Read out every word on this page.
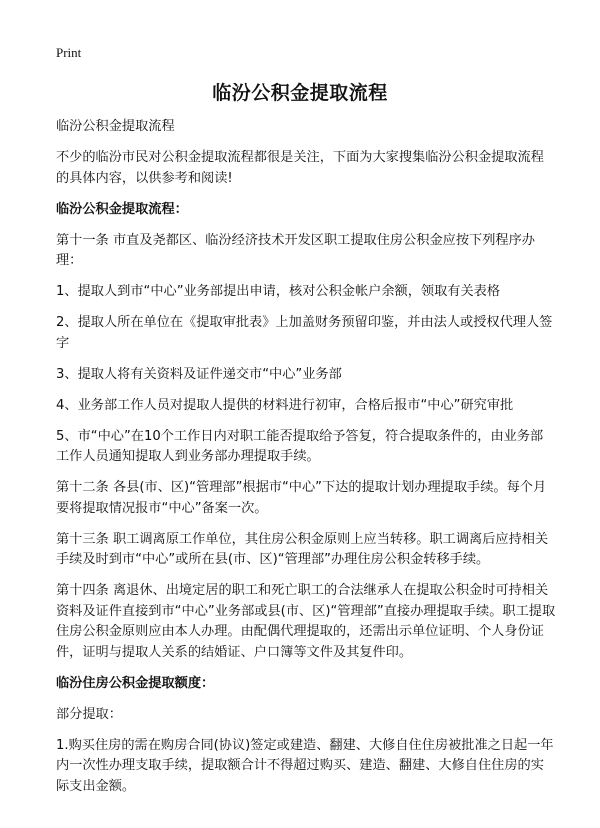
Print
临汾公积金提取流程

临汾公积金提取流程

不少的临汾市民对公积金提取流程都很是关注，下面为大家搜集临汾公积金提取流程的具体内容，以供参考和阅读!

临汾公积金提取流程：

第十一条 市直及尧都区、临汾经济技术开发区职工提取住房公积金应按下列程序办理：

1、提取人到市“中心”业务部提出申请，核对公积金帐户余额，领取有关表格

2、提取人所在单位在《提取审批表》上加盖财务预留印鉴，并由法人或授权代理人签字

3、提取人将有关资料及证件递交市“中心”业务部

4、业务部工作人员对提取人提供的材料进行初审，合格后报市“中心”研究审批

5、市“中心”在10个工作日内对职工能否提取给予答复，符合提取条件的，由业务部工作人员通知提取人到业务部办理提取手续。

第十二条 各县(市、区)“管理部”根据市“中心”下达的提取计划办理提取手续。每个月要将提取情况报市“中心”备案一次。

第十三条 职工调离原工作单位，其住房公积金原则上应当转移。职工调离后应持相关手续及时到市“中心”或所在县(市、区)“管理部”办理住房公积金转移手续。

第十四条 离退休、出境定居的职工和死亡职工的合法继承人在提取公积金时可持相关资料及证件直接到市“中心”业务部或县(市、区)“管理部”直接办理提取手续。职工提取住房公积金原则应由本人办理。由配偶代理提取的，还需出示单位证明、个人身份证件，证明与提取人关系的结婚证、户口簿等文件及其复件印。

临汾住房公积金提取额度：

部分提取：

1.购买住房的需在购房合同(协议)签定或建造、翻建、大修自住住房被批准之日起一年内一次性办理支取手续，提取额合计不得超过购买、建造、翻建、大修自住住房的实际支出金额。
